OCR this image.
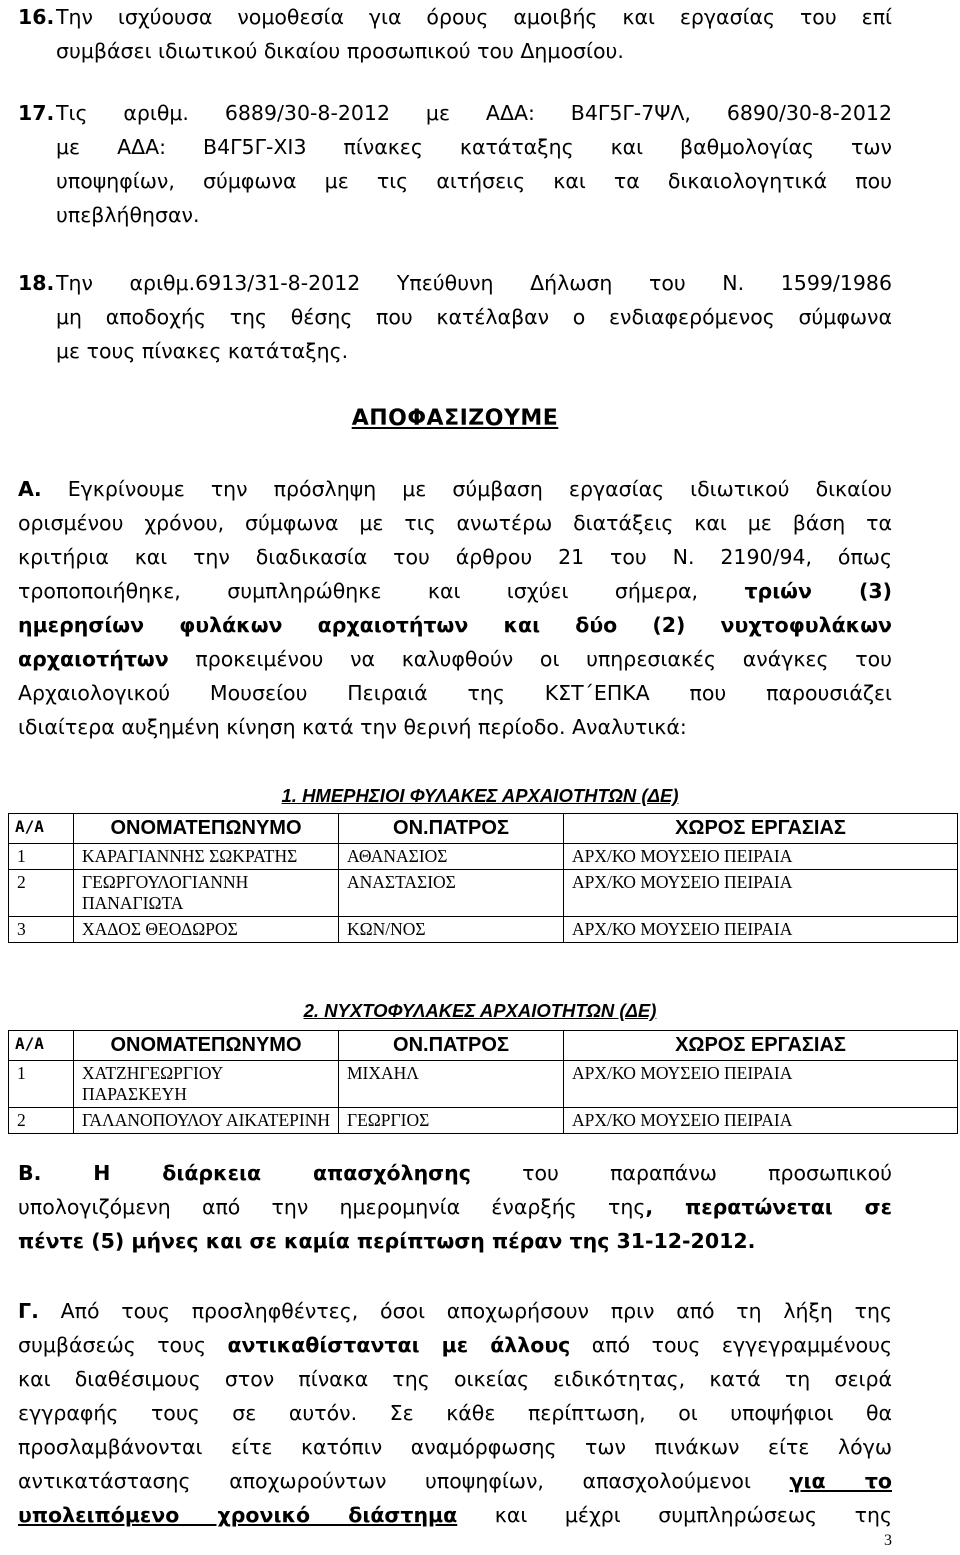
16.Την ισχύουσα νομοθεσία για όρους αμοιβής και εργασίας του επί
συμβάσει ιδιωτικού δικαίου προσωπικού του Δημοσίου.
17.Τις αριθμ. 6889/30-8-2012 με ΑΔΑ: Β4Γ5Γ-7ΨΛ, 6890/30-8-2012
με ΑΔΑ: Β4Γ5Γ-ΧΙ3 πίνακες κατάταξης και βαθμολογίας των
υποψηφίων, σύμφωνα με τις αιτήσεις και τα δικαιολογητικά που
υπεβλήθησαν.
18.Την αριθμ.6913/31-8-2012 Υπεύθυνη Δήλωση του Ν. 1599/1986
μη αποδοχής της θέσης που κατέλαβαν ο ενδιαφερόμενος σύμφωνα
με τους πίνακες κατάταξης.
ΑΠΟΦΑΣΙΖΟΥΜΕ
Α. Εγκρίνουμε την πρόσληψη με σύμβαση εργασίας ιδιωτικού δικαίου
ορισμένου χρόνου, σύμφωνα με τις ανωτέρω διατάξεις και με βάση τα
κριτήρια και την διαδικασία του άρθρου 21 του Ν. 2190/94, όπως
τροποποιήθηκε, συμπληρώθηκε και ισχύει σήμερα, τριών (3)
ημερησίων φυλάκων αρχαιοτήτων και δύο (2) νυχτοφυλάκων
αρχαιοτήτων προκειμένου να καλυφθούν οι υπηρεσιακές ανάγκες του
Αρχαιολογικού Μουσείου Πειραιά της ΚΣΤ΄ΕΠΚΑ που παρουσιάζει
ιδιαίτερα αυξημένη κίνηση κατά την θερινή περίοδο. Αναλυτικά:
1. ΗΜΕΡΗΣΙΟΙ ΦΥΛΑΚΕΣ ΑΡΧΑΙΟΤΗΤΩΝ (ΔΕ)
Α/Α	ΟΝΟΜΑΤΕΠΩΝΥΜΟ	ΟΝ.ΠΑΤΡΟΣ	ΧΩΡΟΣ ΕΡΓΑΣΙΑΣ
1	ΚΑΡΑΓΙΑΝΝΗΣ ΣΩΚΡΑΤΗΣ	ΑΘΑΝΑΣΙΟΣ	ΑΡΧ/ΚΟ ΜΟΥΣΕΙΟ ΠΕΙΡΑΙΑ
2	ΓΕΩΡΓΟΥΛΟΓΙΑΝΝΗ ΠΑΝΑΓΙΩΤΑ	ΑΝΑΣΤΑΣΙΟΣ	ΑΡΧ/ΚΟ ΜΟΥΣΕΙΟ ΠΕΙΡΑΙΑ
3	ΧΑΔΟΣ ΘΕΟΔΩΡΟΣ	ΚΩΝ/ΝΟΣ	ΑΡΧ/ΚΟ ΜΟΥΣΕΙΟ ΠΕΙΡΑΙΑ
2. ΝΥΧΤΟΦΥΛΑΚΕΣ ΑΡΧΑΙΟΤΗΤΩΝ (ΔΕ)
Α/Α	ΟΝΟΜΑΤΕΠΩΝΥΜΟ	ΟΝ.ΠΑΤΡΟΣ	ΧΩΡΟΣ ΕΡΓΑΣΙΑΣ
1	ΧΑΤΖΗΓΕΩΡΓΙΟΥ ΠΑΡΑΣΚΕΥΗ	ΜΙΧΑΗΛ	ΑΡΧ/ΚΟ ΜΟΥΣΕΙΟ ΠΕΙΡΑΙΑ
2	ΓΑΛΑΝΟΠΟΥΛΟΥ ΑΙΚΑΤΕΡΙΝΗ	ΓΕΩΡΓΙΟΣ	ΑΡΧ/ΚΟ ΜΟΥΣΕΙΟ ΠΕΙΡΑΙΑ
Β. Η διάρκεια απασχόλησης του παραπάνω προσωπικού
υπολογιζόμενη από την ημερομηνία έναρξής της, περατώνεται σε
πέντε (5) μήνες και σε καμία περίπτωση πέραν της 31-12-2012.
Γ. Από τους προσληφθέντες, όσοι αποχωρήσουν πριν από τη λήξη της
συμβάσεώς τους αντικαθίστανται με άλλους από τους εγγεγραμμένους
και διαθέσιμους στον πίνακα της οικείας ειδικότητας, κατά τη σειρά
εγγραφής τους σε αυτόν. Σε κάθε περίπτωση, οι υποψήφιοι θα
προσλαμβάνονται είτε κατόπιν αναμόρφωσης των πινάκων είτε λόγω
αντικατάστασης αποχωρούντων υποψηφίων, απασχολούμενοι για το
υπολειπόμενο χρονικό διάστημα και μέχρι συμπληρώσεως της
3
